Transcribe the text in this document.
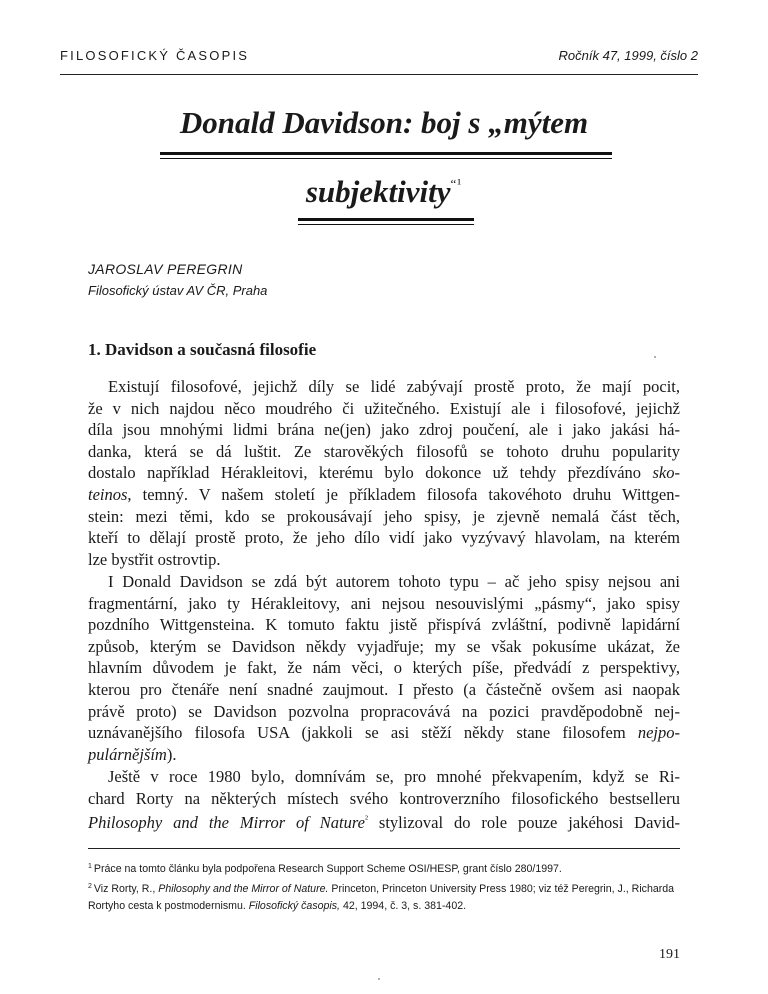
FILOSOFICKÝ ČASOPIS	Ročník 47, 1999, číslo 2
Donald Davidson: boj s „mýtem
subjektivity$^{“^1}$
JAROSLAV PEREGRIN
Filosofický ústav AV ČR, Praha
1. Davidson a současná filosofie
Existují filosofové, jejichž díly se lidé zabývají prostě proto, že mají pocit,
že v nich najdou něco moudrého či užitečného. Existují ale i filosofové, jejichž
díla jsou mnohými lidmi brána ne(jen) jako zdroj poučení, ale i jako jakási há-
danka, která se dá luštit. Ze starověkých filosofů se tohoto druhu popularity
dostalo například Hérakleitovi, kterému bylo dokonce už tehdy přezdíváno sko-
teinos, temný. V našem století je příkladem filosofa takovéhoto druhu Wittgen-
stein: mezi těmi, kdo se prokousávají jeho spisy, je zjevně nemalá část těch,
kteří to dělají prostě proto, že jeho dílo vidí jako vyzývavý hlavolam, na kterém
lze bystřit ostrovtip.
I Donald Davidson se zdá být autorem tohoto typu – ač jeho spisy nejsou ani
fragmentární, jako ty Hérakleitovy, ani nejsou nesouvislými „pásmy“, jako spisy
pozdního Wittgensteina. K tomuto faktu jistě přispívá zvláštní, podivně lapidární
způsob, kterým se Davidson někdy vyjadřuje; my se však pokusíme ukázat, že
hlavním důvodem je fakt, že nám věci, o kterých píše, předvádí z perspektivy,
kterou pro čtenáře není snadné zaujmout. I přesto (a částečně ovšem asi naopak
právě proto) se Davidson pozvolna propracovává na pozici pravděpodobně nej-
uznávanějšího filosofa USA (jakkoli se asi stěží někdy stane filosofem nejpo-
pulárnějším).
Ještě v roce 1980 bylo, domnívám se, pro mnohé překvapením, když se Ri-
chard Rorty na některých místech svého kontroverzního filosofického bestselleru
Philosophy and the Mirror of Nature$^{^2}$ stylizoval do role pouze jakéhosi David-
$^1$ Práce na tomto článku byla podpořena Research Support Scheme OSI/HESP, grant číslo 280/1997.
$^2$ Viz Rorty, R., Philosophy and the Mirror of Nature. Princeton, Princeton University Press 1980; viz též Peregrin, J., Richarda
Rortyho cesta k postmodernismu. Filosofický časopis, 42, 1994, č. 3, s. 381-402.
191
